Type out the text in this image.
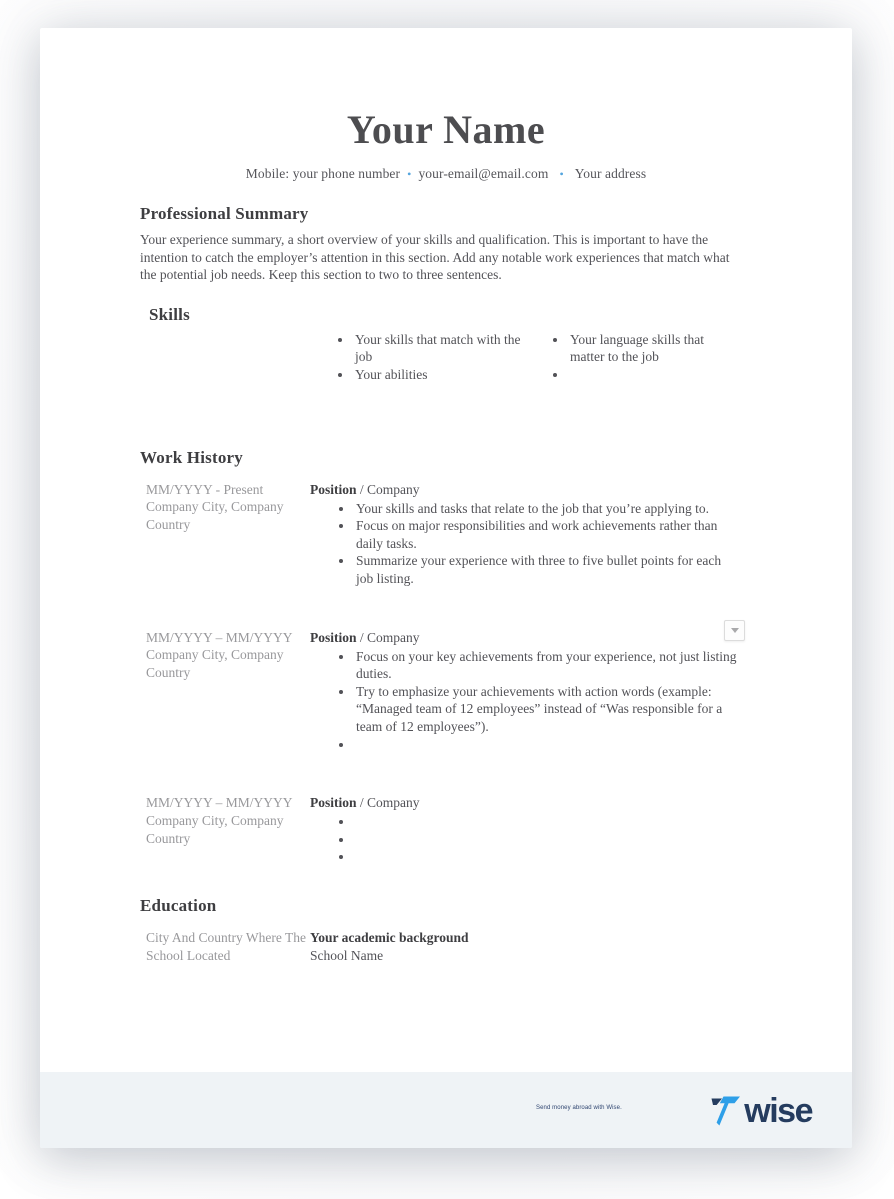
Your Name
Mobile: your phone number • your-email@email.com • Your address
Professional Summary
Your experience summary, a short overview of your skills and qualification. This is important to have the intention to catch the employer’s attention in this section. Add any notable work experiences that match what the potential job needs. Keep this section to two to three sentences.
Skills
• Your skills that match with the job
• Your abilities
• Your language skills that matter to the job
•
Work History
MM/YYYY - Present
Company City, Company Country
Position / Company
• Your skills and tasks that relate to the job that you’re applying to.
• Focus on major responsibilities and work achievements rather than daily tasks.
• Summarize your experience with three to five bullet points for each job listing.
MM/YYYY – MM/YYYY
Company City, Company Country
Position / Company
• Focus on your key achievements from your experience, not just listing duties.
• Try to emphasize your achievements with action words (example: “Managed team of 12 employees” instead of “Was responsible for a team of 12 employees”).
•
MM/YYYY – MM/YYYY
Company City, Company Country
Position / Company
•
•
•
Education
City And Country Where The School Located
Your academic background
School Name
Send money abroad with Wise.	wise
